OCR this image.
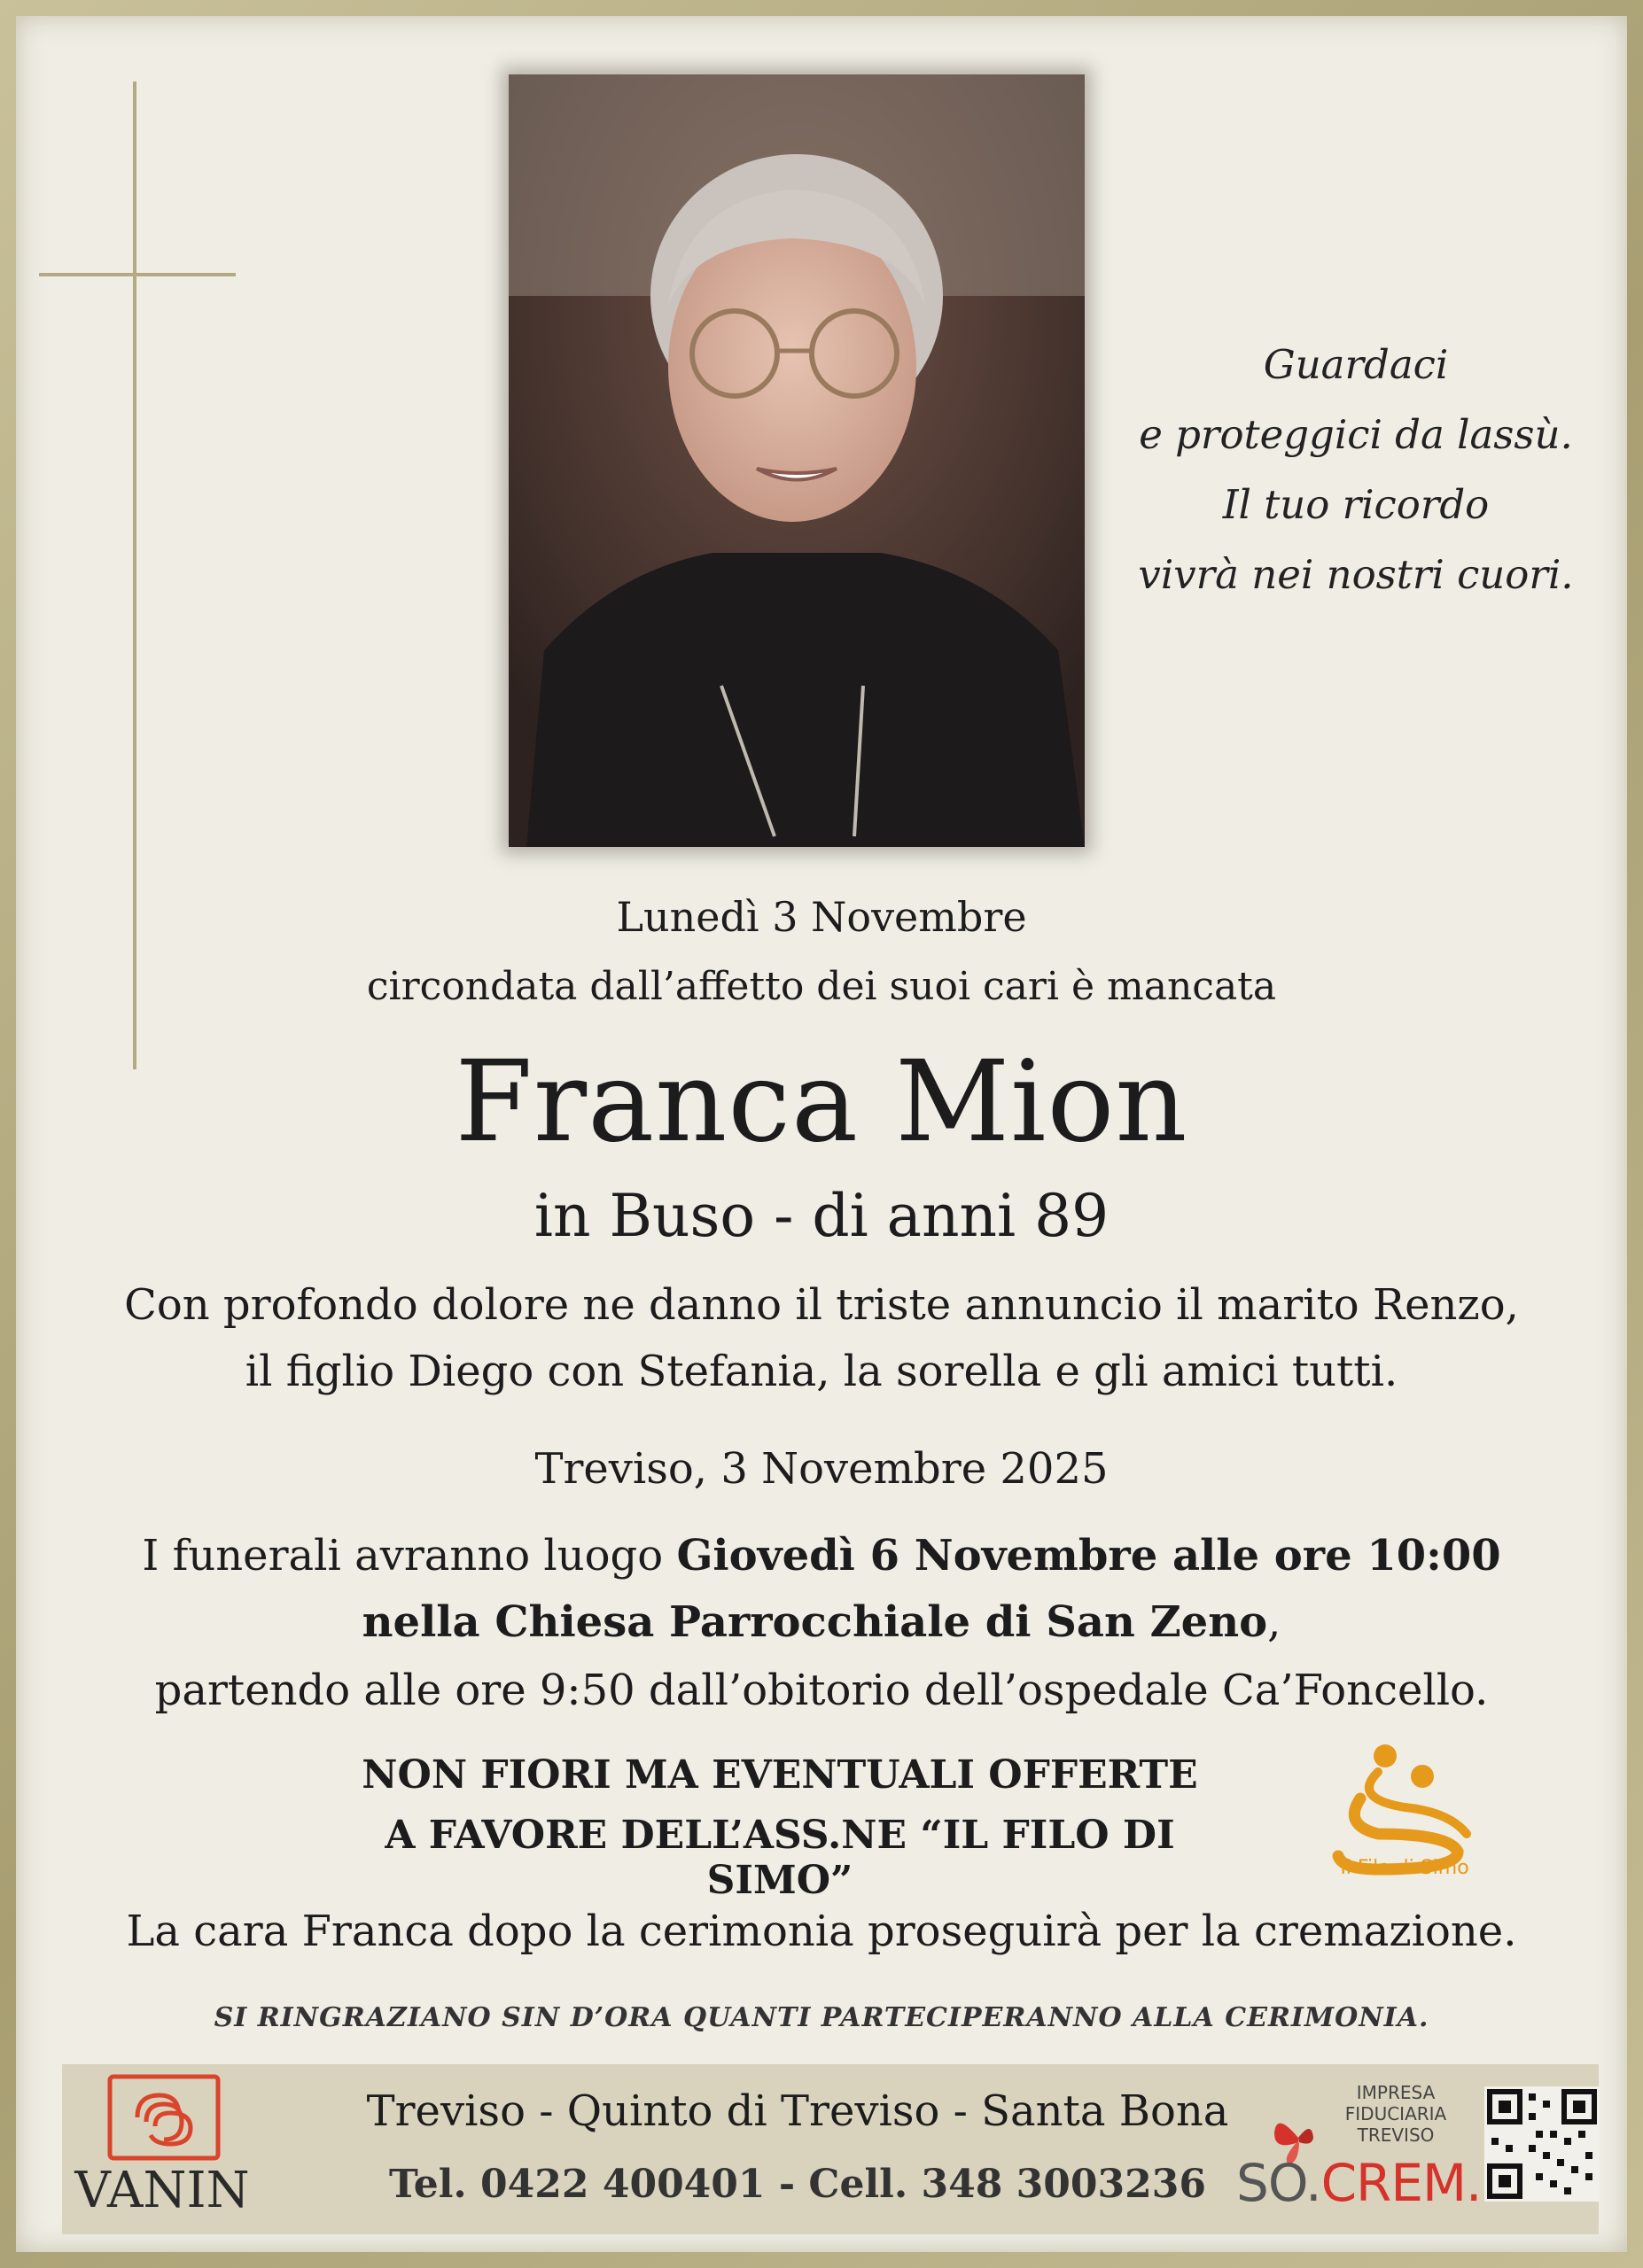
Guardaci
e proteggici da lassù.
Il tuo ricordo
vivrà nei nostri cuori.
Lunedì 3 Novembre
circondata dall’affetto dei suoi cari è mancata
Franca Mion
in Buso - di anni 89
Con profondo dolore ne danno il triste annuncio il marito Renzo,
il figlio Diego con Stefania, la sorella e gli amici tutti.
Treviso, 3 Novembre 2025
I funerali avranno luogo Giovedì 6 Novembre alle ore 10:00
nella Chiesa Parrocchiale di San Zeno,
partendo alle ore 9:50 dall’obitorio dell’ospedale Ca’Foncello.
NON FIORI MA EVENTUALI OFFERTE
A FAVORE DELL’ASS.NE “IL FILO DI SIMO”	Il Filo di Simo
La cara Franca dopo la cerimonia proseguirà per la cremazione.
SI RINGRAZIANO SIN D’ORA QUANTI PARTECIPERANNO ALLA CERIMONIA.
VANIN
Treviso - Quinto di Treviso - Santa Bona
Tel. 0422 400401 - Cell. 348 3003236
IMPRESA
FIDUCIARIA
TREVISO
SO.CREM.
